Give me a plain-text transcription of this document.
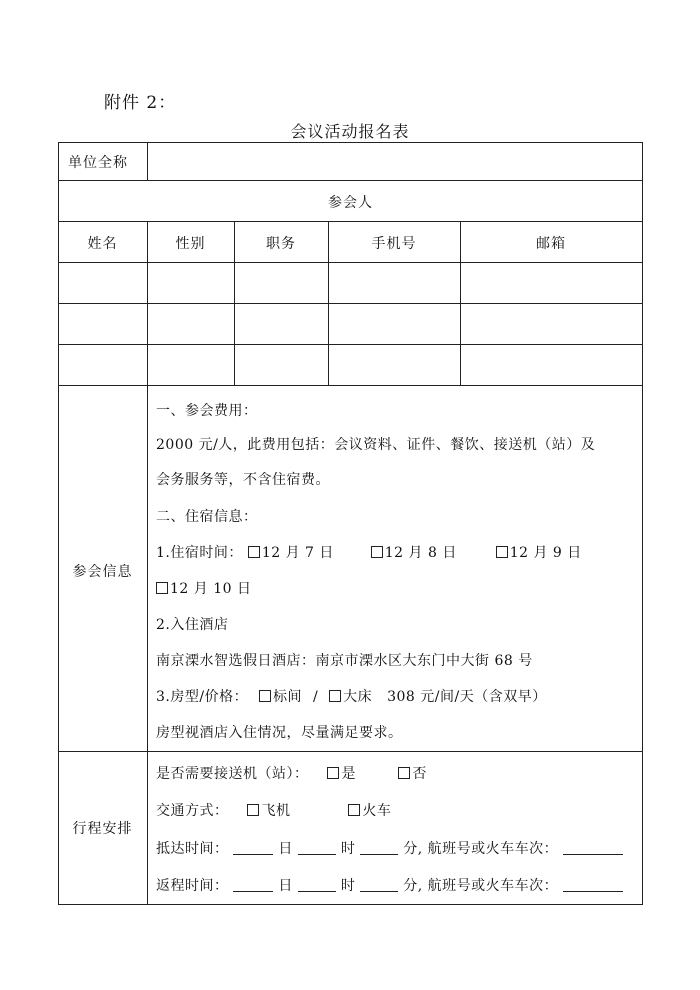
附件 2：
会议活动报名表
单位全称
参会人
姓名	性别	职务	手机号	邮箱
参会信息
一、参会费用：
2000 元/人，此费用包括：会议资料、证件、餐饮、接送机（站）及
会务服务等，不含住宿费。
二、住宿信息：
1.住宿时间： 12 月 7 日	12 月 8 日	12 月 9 日
12 月 10 日
2.入住酒店
南京溧水智选假日酒店：南京市溧水区大东门中大街 68 号
3.房型/价格： 标间 / 大床 308 元/间/天（含双早）
房型视酒店入住情况，尽量满足要求。
行程安排
是否需要接送机（站）： 是	否
交通方式： 飞机	火车
抵达时间：	日	时	分, 航班号或火车车次：
返程时间：	日	时	分, 航班号或火车车次：
